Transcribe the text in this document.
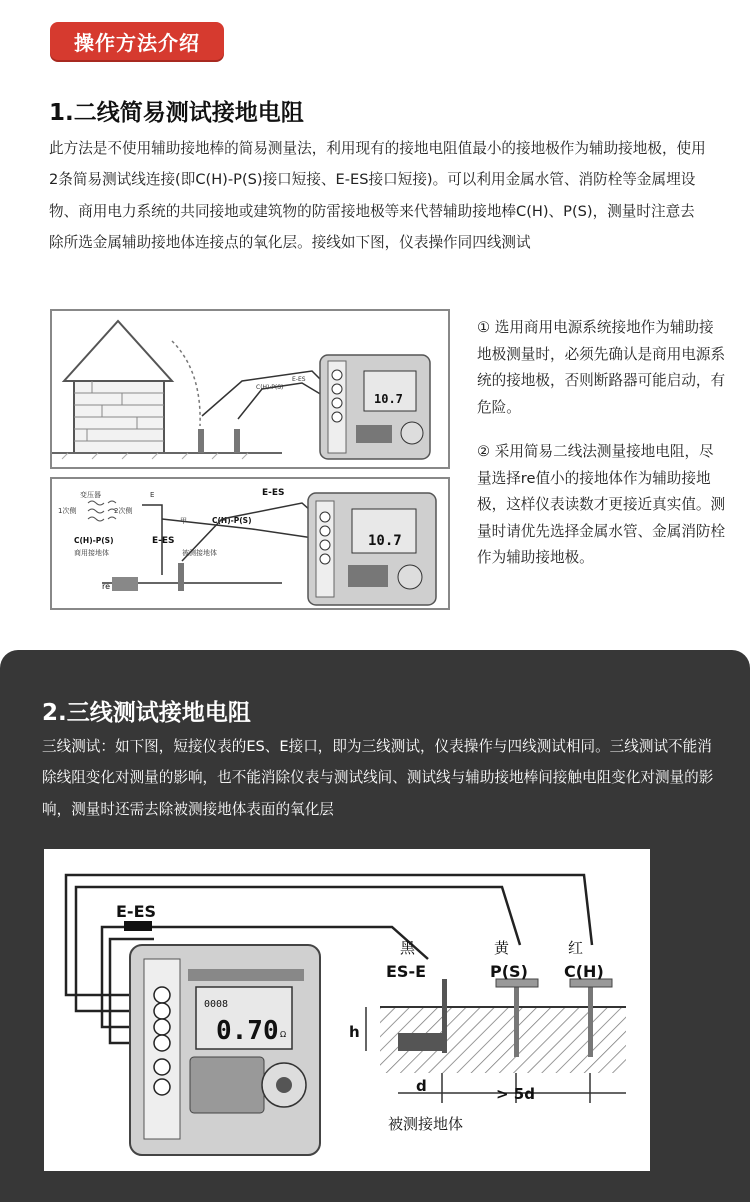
操作方法介绍
1.二线简易测试接地电阻
此方法是不使用辅助接地棒的简易测量法，利用现有的接地电阻值最小的接地极作为辅助接地极，使用2条简易测试线连接(即C(H)-P(S)接口短接、E-ES接口短接)。可以利用金属水管、消防栓等金属埋设物、商用电力系统的共同接地或建筑物的防雷接地极等来代替辅助接地棒C(H)、P(S)，测量时注意去除所选金属辅助接地体连接点的氧化层。接线如下图，仪表操作同四线测试
C(H)·P(S)
E-ES
10.7
变压器
1次侧	2次侧
E
C(H)-P(S)
商用接地体
re
E-ES
甲
被测接地体
C(H)-P(S)
E-ES
10.7
① 选用商用电源系统接地作为辅助接地极测量时，必须先确认是商用电源系统的接地极，否则断路器可能启动，有危险。
② 采用简易二线法测量接地电阻，尽量选择re值小的接地体作为辅助接地极，这样仪表读数才更接近真实值。测量时请优先选择金属水管、金属消防栓作为辅助接地极。
2.三线测试接地电阻
三线测试：如下图，短接仪表的ES、E接口，即为三线测试，仪表操作与四线测试相同。三线测试不能消除线阻变化对测量的影响，也不能消除仪表与测试线间、测试线与辅助接地棒间接触电阻变化对测量的影响，测量时还需去除被测接地体表面的氧化层
E-ES
0008
0.70 Ω
黑	黄	红
ES-E	P(S) C(H)
h
d	> 5d
被测接地体
